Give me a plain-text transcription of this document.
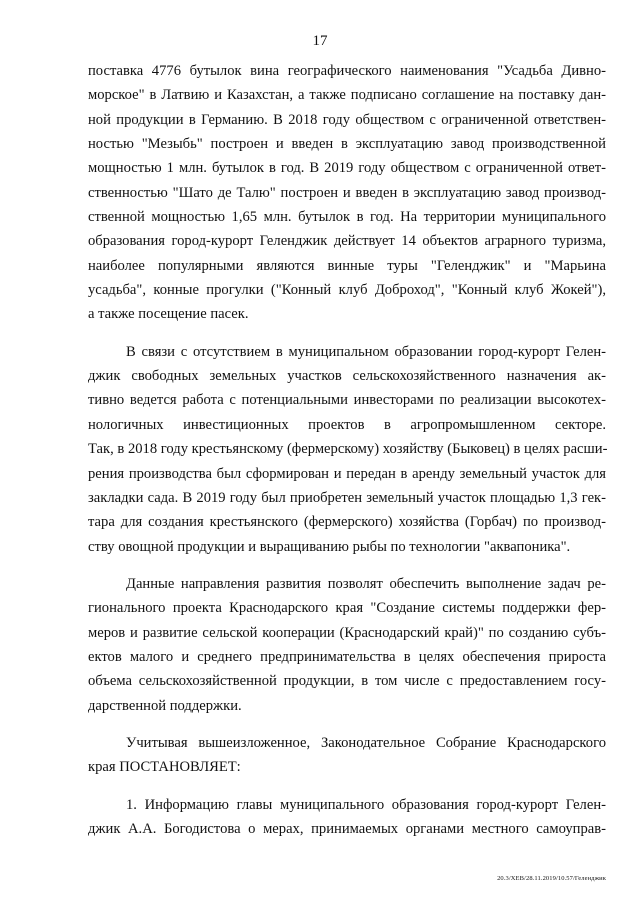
17
поставка 4776 бутылок вина географического наименования "Усадьба Дивно-
морское" в Латвию и Казахстан, а также подписано соглашение на поставку дан-
ной продукции в Германию. В 2018 году обществом с ограниченной ответствен-
ностью "Мезыбь" построен и введен в эксплуатацию завод производственной
мощностью 1 млн. бутылок в год. В 2019 году обществом с ограниченной ответ-
ственностью "Шато де Талю" построен и введен в эксплуатацию завод производ-
ственной мощностью 1,65 млн. бутылок в год. На территории муниципального
образования город-курорт Геленджик действует 14 объектов аграрного туризма,
наиболее популярными являются винные туры "Геленджик" и "Марьина
усадьба", конные прогулки ("Конный клуб Доброход", "Конный клуб Жокей"),
а также посещение пасек.
В связи с отсутствием в муниципальном образовании город-курорт Гелен-
джик свободных земельных участков сельскохозяйственного назначения ак-
тивно ведется работа с потенциальными инвесторами по реализации высокотех-
нологичных инвестиционных проектов в агропромышленном секторе.
Так, в 2018 году крестьянскому (фермерскому) хозяйству (Быковец) в целях расши-
рения производства был сформирован и передан в аренду земельный участок для
закладки сада. В 2019 году был приобретен земельный участок площадью 1,3 гек-
тара для создания крестьянского (фермерского) хозяйства (Горбач) по производ-
ству овощной продукции и выращиванию рыбы по технологии "аквапоника".
Данные направления развития позволят обеспечить выполнение задач ре-
гионального проекта Краснодарского края "Создание системы поддержки фер-
меров и развитие сельской кооперации (Краснодарский край)" по созданию субъ-
ектов малого и среднего предпринимательства в целях обеспечения прироста
объема сельскохозяйственной продукции, в том числе с предоставлением госу-
дарственной поддержки.
Учитывая вышеизложенное, Законодательное Собрание Краснодарского
края ПОСТАНОВЛЯЕТ:
1. Информацию главы муниципального образования город-курорт Гелен-
джик А.А. Богодистова о мерах, принимаемых органами местного самоуправ-
20.3/ХЕВ/28.11.2019/10.57/Геленджик
